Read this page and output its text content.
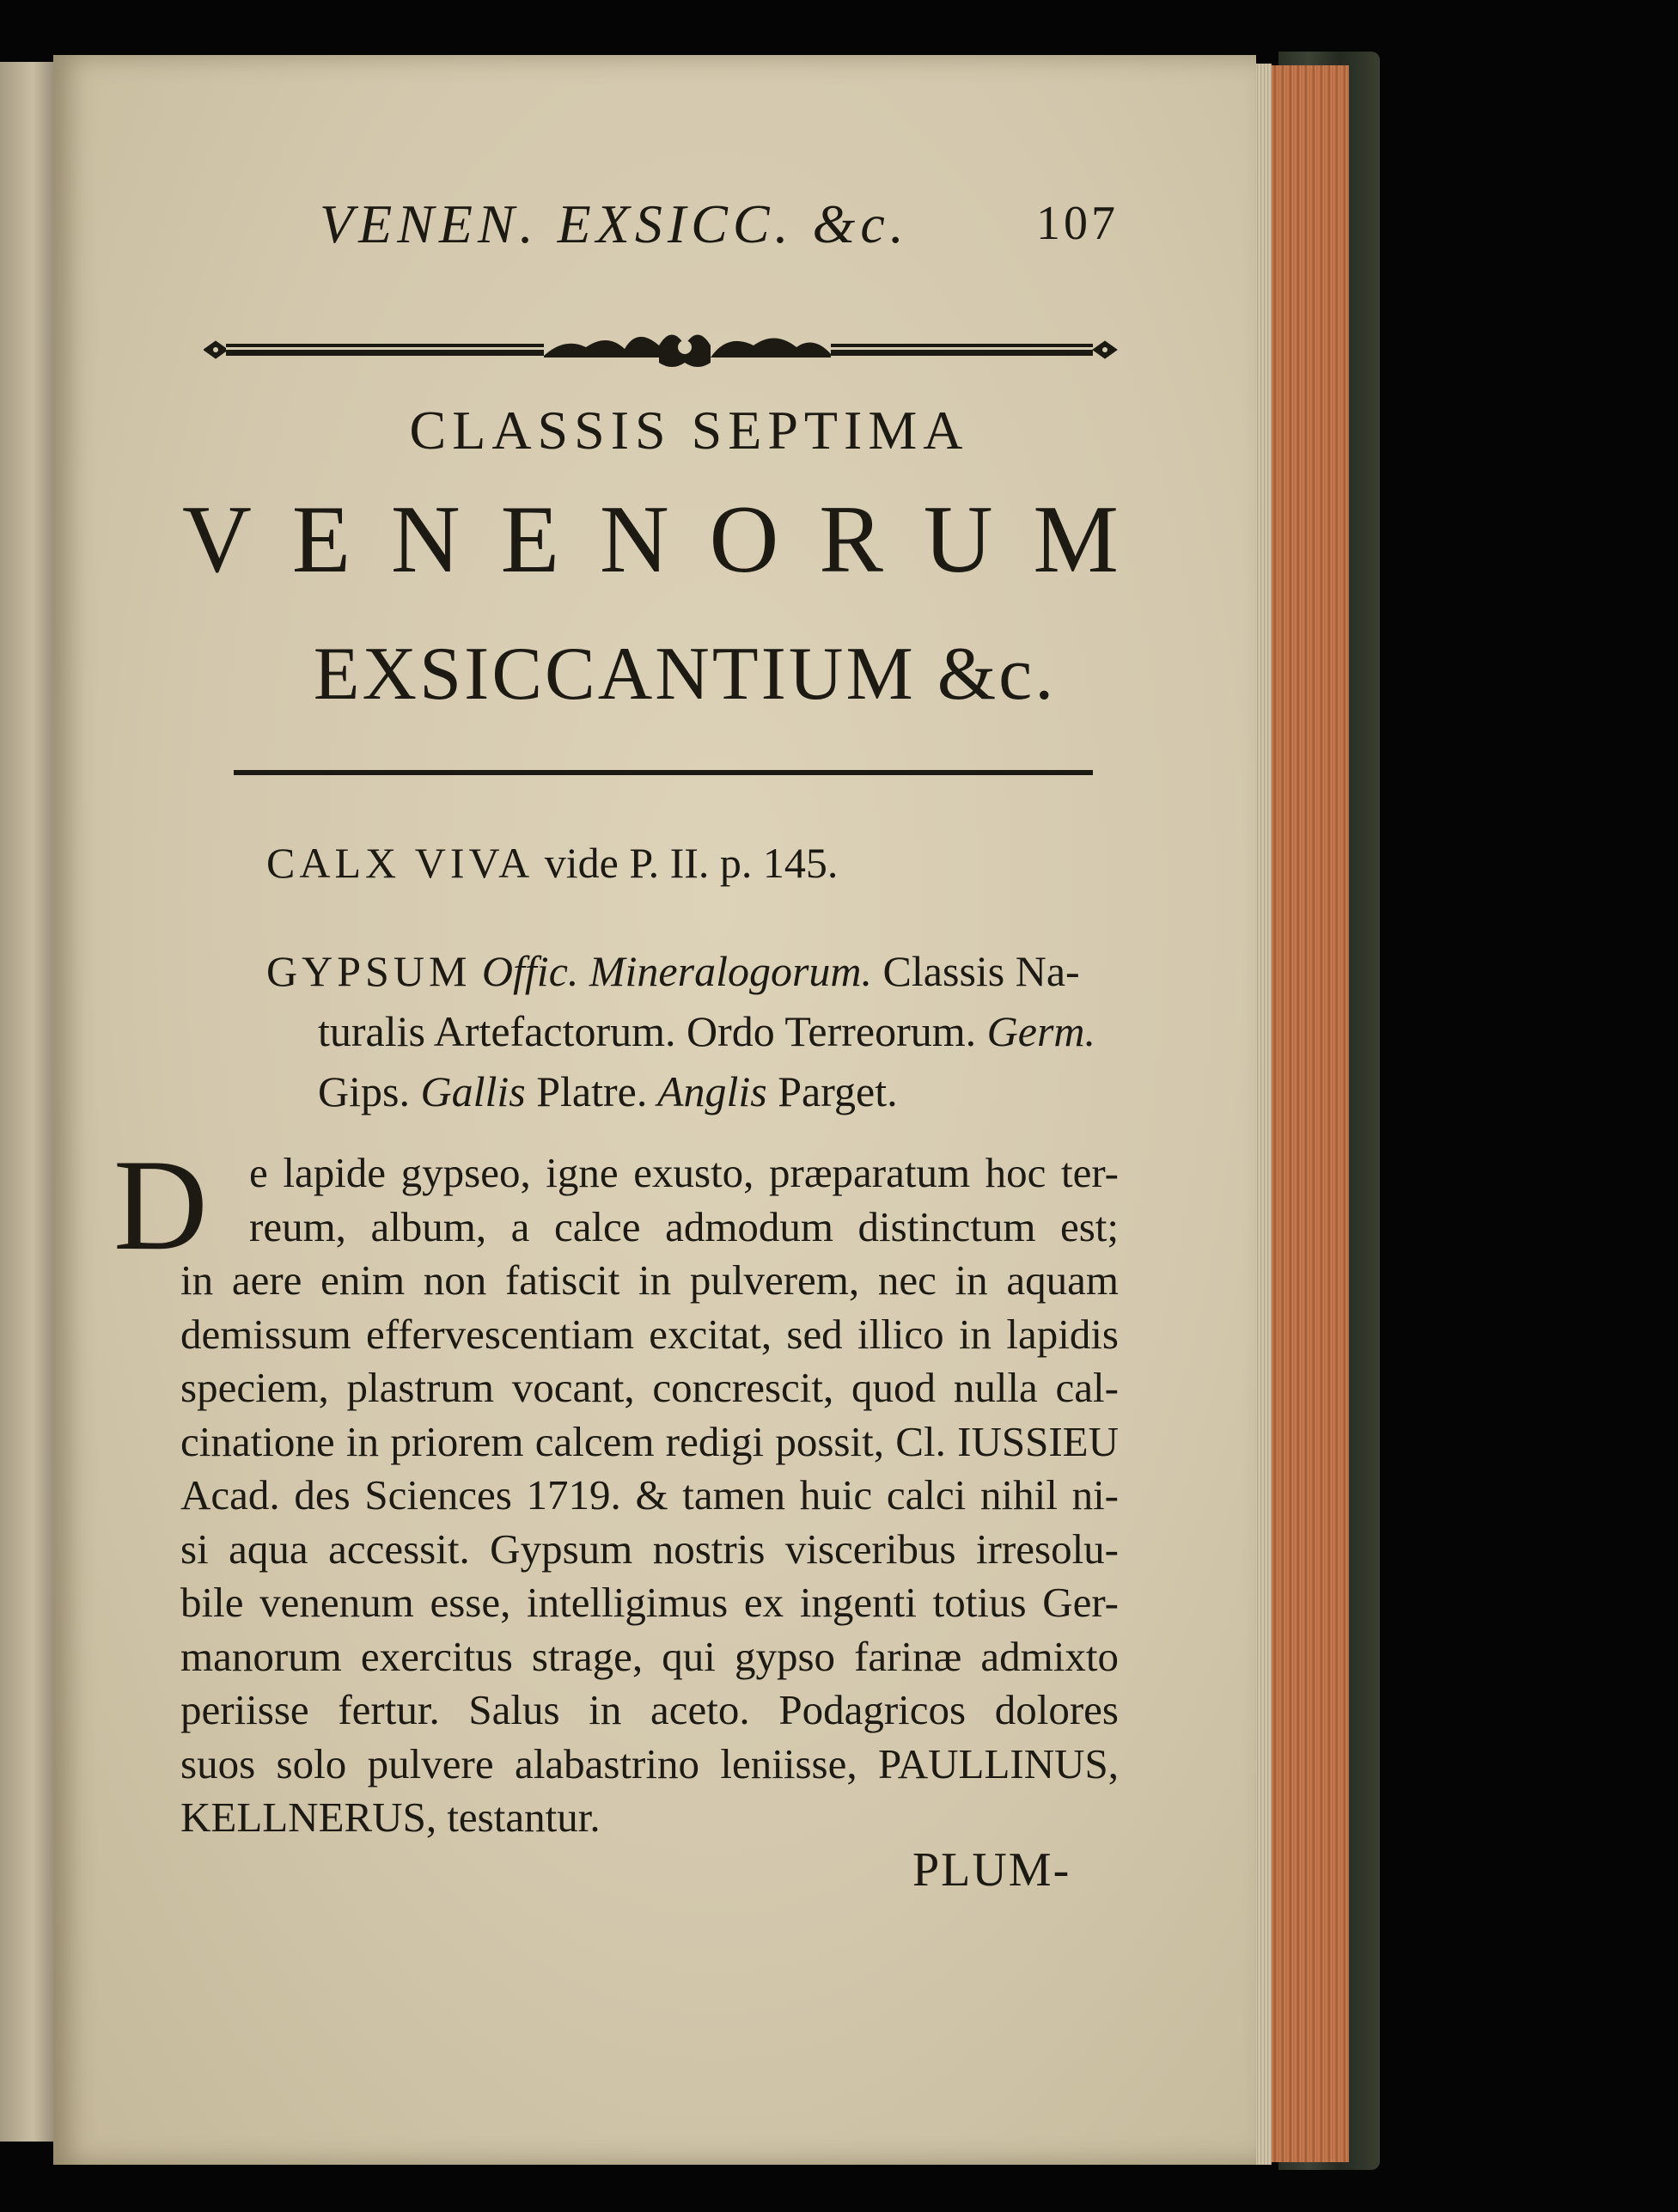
VENEN. EXSICC. &c.	107
CLASSIS SEPTIMA
V E N E N O R U M
EXSICCANTIUM &c.
CALX VIVA vide P. II. p. 145.
GYPSUM Offic. Mineralogorum. Classis Na-
turalis Artefactorum. Ordo Terreorum. Germ.
Gips. Gallis Platre. Anglis Parget.
D e lapide gypseo, igne exusto, præparatum hoc ter-
reum, album, a calce admodum distinctum est;
in aere enim non fatiscit in pulverem, nec in aquam
demissum effervescentiam excitat, sed illico in lapidis
speciem, plastrum vocant, concrescit, quod nulla cal-
cinatione in priorem calcem redigi possit, Cl. IUSSIEU
Acad. des Sciences 1719. & tamen huic calci nihil ni-
si aqua accessit. Gypsum nostris visceribus irresolu-
bile venenum esse, intelligimus ex ingenti totius Ger-
manorum exercitus strage, qui gypso farinæ admixto
periisse fertur. Salus in aceto. Podagricos dolores
suos solo pulvere alabastrino leniisse, PAULLINUS,
KELLNERUS, testantur.
PLUM-
